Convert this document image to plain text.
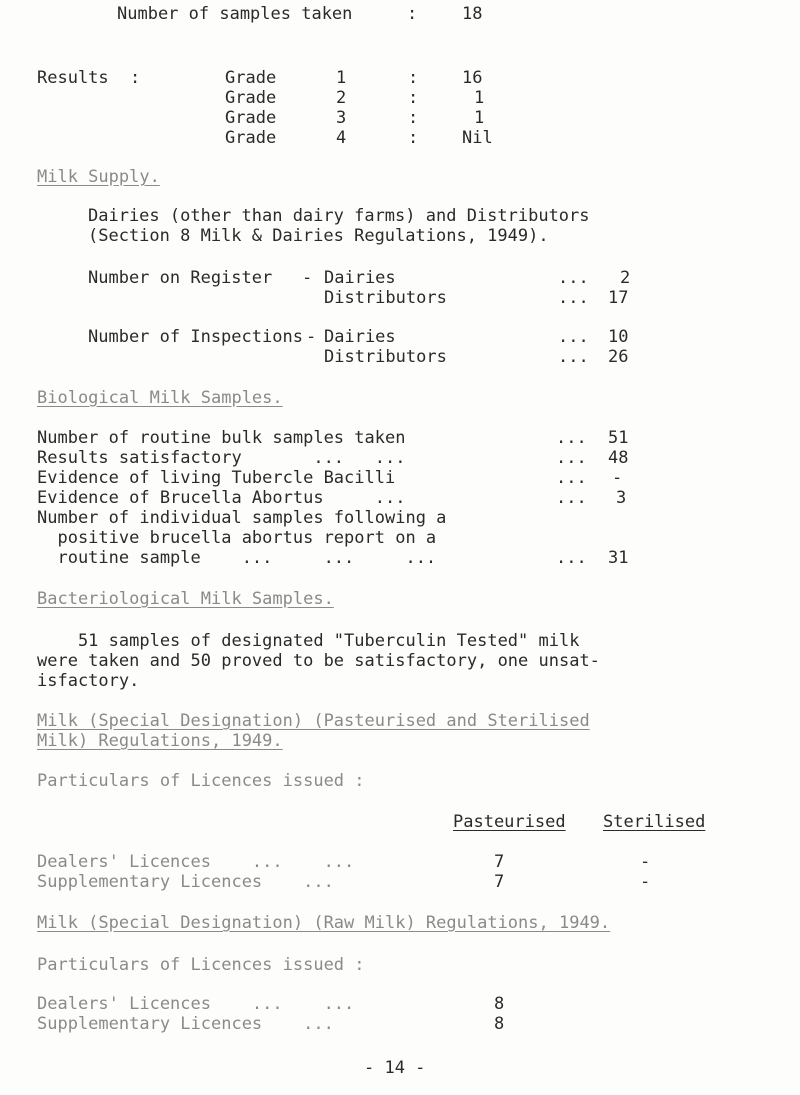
Number of samples taken	:	18
Results :	Grade	1	:	16
Grade	2	:	1
Grade	3	:	1
Grade	4	:	Nil
Milk Supply.
Dairies (other than dairy farms) and Distributors
(Section 8 Milk & Dairies Regulations, 1949).
Number on Register - Dairies	... 2
Distributors	... 17
Number of Inspections - Dairies	... 10
Distributors	... 26
Biological Milk Samples.
Number of routine bulk samples taken	... 51
Results satisfactory       ...   ...	... 48
Evidence of living Tubercle Bacilli	... -
Evidence of Brucella Abortus     ...	... 3
Number of individual samples following a
positive brucella abortus report on a
routine sample    ...     ...     ...	... 31
Bacteriological Milk Samples.
51 samples of designated "Tuberculin Tested" milk
were taken and 50 proved to be satisfactory, one unsat-
isfactory.
Milk (Special Designation) (Pasteurised and Sterilised
Milk) Regulations, 1949.
Particulars of Licences issued :
Pasteurised Sterilised
Dealers' Licences    ...    ...	7	-
Supplementary Licences    ...	7	-
Milk (Special Designation) (Raw Milk) Regulations, 1949.
Particulars of Licences issued :
Dealers' Licences    ...    ...	8
Supplementary Licences    ...	8
- 14 -
